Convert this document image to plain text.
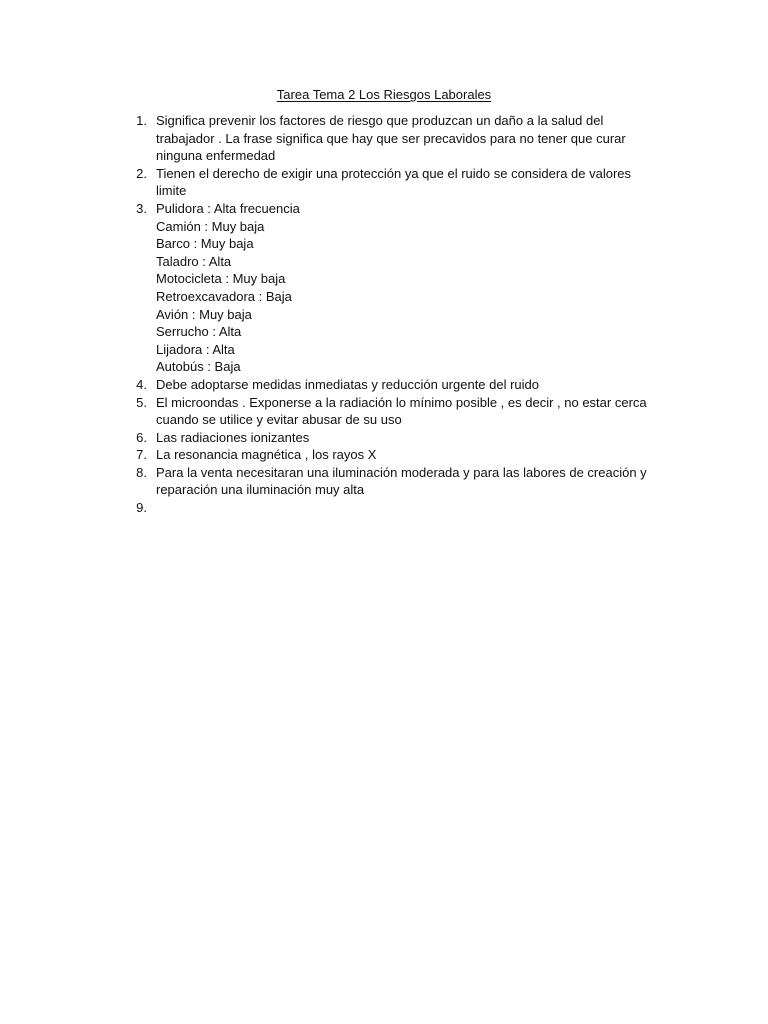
Tarea Tema 2 Los Riesgos Laborales
1. Significa prevenir los factores de riesgo que produzcan un daño a la salud del
trabajador . La frase significa que hay que ser precavidos para no tener que curar
ninguna enfermedad
2. Tienen el derecho de exigir una protección ya que el ruido se considera de valores
limite
3. Pulidora : Alta frecuencia
Camión : Muy baja
Barco : Muy baja
Taladro : Alta
Motocicleta : Muy baja
Retroexcavadora : Baja
Avión : Muy baja
Serrucho : Alta
Lijadora : Alta
Autobús : Baja
4. Debe adoptarse medidas inmediatas y reducción urgente del ruido
5. El microondas . Exponerse a la radiación lo mínimo posible , es decir , no estar cerca
cuando se utilice y evitar abusar de su uso
6. Las radiaciones ionizantes
7. La resonancia magnética , los rayos X
8. Para la venta necesitaran una iluminación moderada y para las labores de creación y
reparación una iluminación muy alta
9.
